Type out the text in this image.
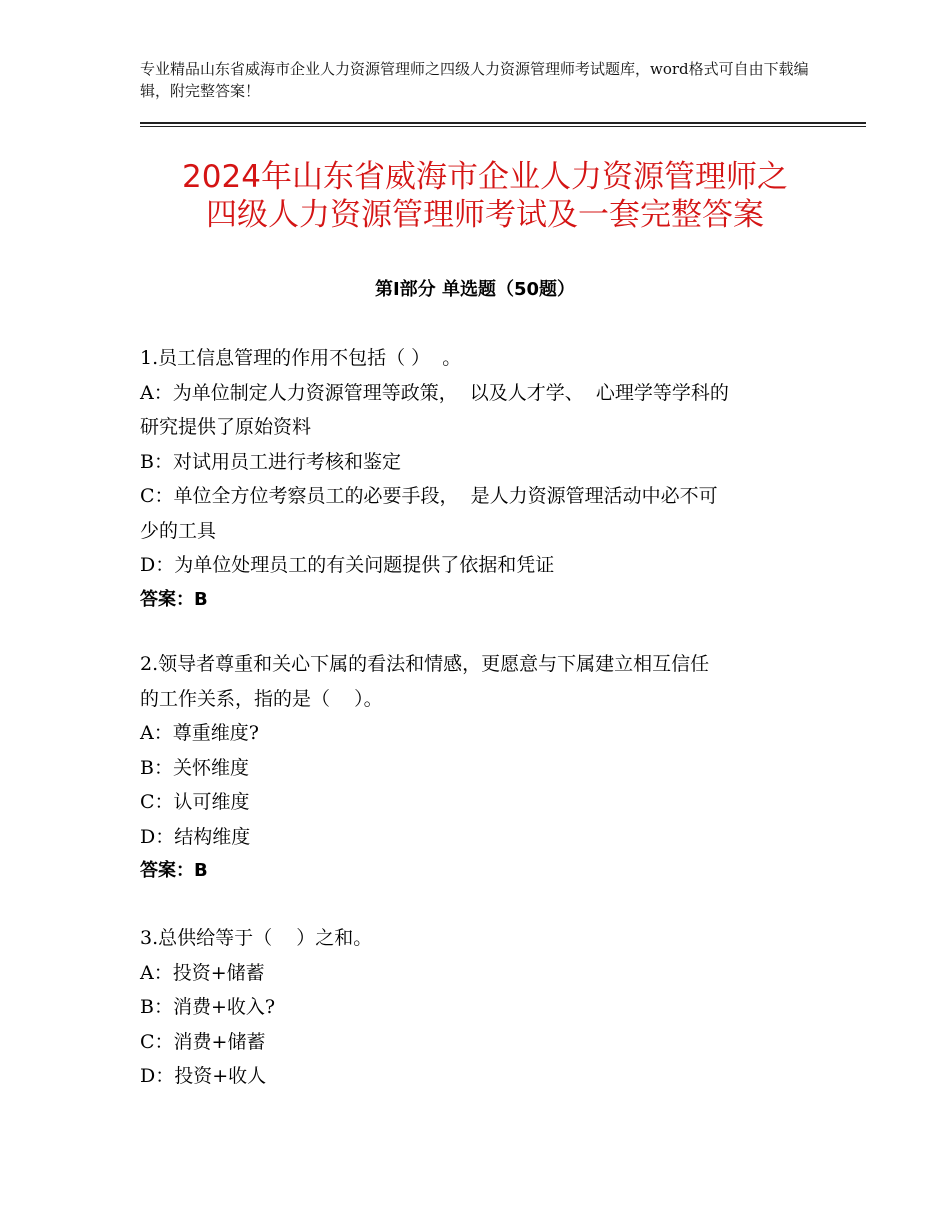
专业精品山东省威海市企业人力资源管理师之四级人力资源管理师考试题库，word格式可自由下载编辑，附完整答案！
2024年山东省威海市企业人力资源管理师之
四级人力资源管理师考试及一套完整答案
第Ⅰ部分 单选题（50题）
1.员工信息管理的作用不包括（ ）  。
A：为单位制定人力资源管理等政策，  以及人才学、  心理学等学科的
研究提供了原始资料
B：对试用员工进行考核和鉴定
C：单位全方位考察员工的必要手段，  是人力资源管理活动中必不可
少的工具
D：为单位处理员工的有关问题提供了依据和凭证
答案：B
2.领导者尊重和关心下属的看法和情感，更愿意与下属建立相互信任
的工作关系，指的是（    ）。
A：尊重维度?
B：关怀维度
C：认可维度
D：结构维度
答案：B
3.总供给等于（    ）之和。
A：投资+储蓄
B：消费+收入?
C：消费+储蓄
D：投资+收人
